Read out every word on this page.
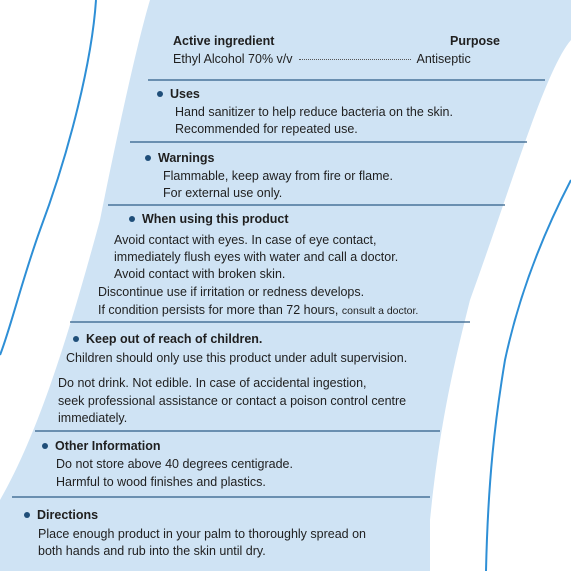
Active ingredient	Purpose
Ethyl Alcohol 70% v/v	Antiseptic
Uses
Hand sanitizer to help reduce bacteria on the skin.
Recommended for repeated use.
Warnings
Flammable, keep away from fire or flame.
For external use only.
When using this product
Avoid contact with eyes. In case of eye contact,
immediately flush eyes with water and call a doctor.
Avoid contact with broken skin.
Discontinue use if irritation or redness develops.
If condition persists for more than 72 hours, consult a doctor.
Keep out of reach of children.
Children should only use this product under adult supervision.
Do not drink. Not edible. In case of accidental ingestion,
seek professional assistance or contact a poison control centre
immediately.
Other Information
Do not store above 40 degrees centigrade.
Harmful to wood finishes and plastics.
Directions
Place enough product in your palm to thoroughly spread on
both hands and rub into the skin until dry.
